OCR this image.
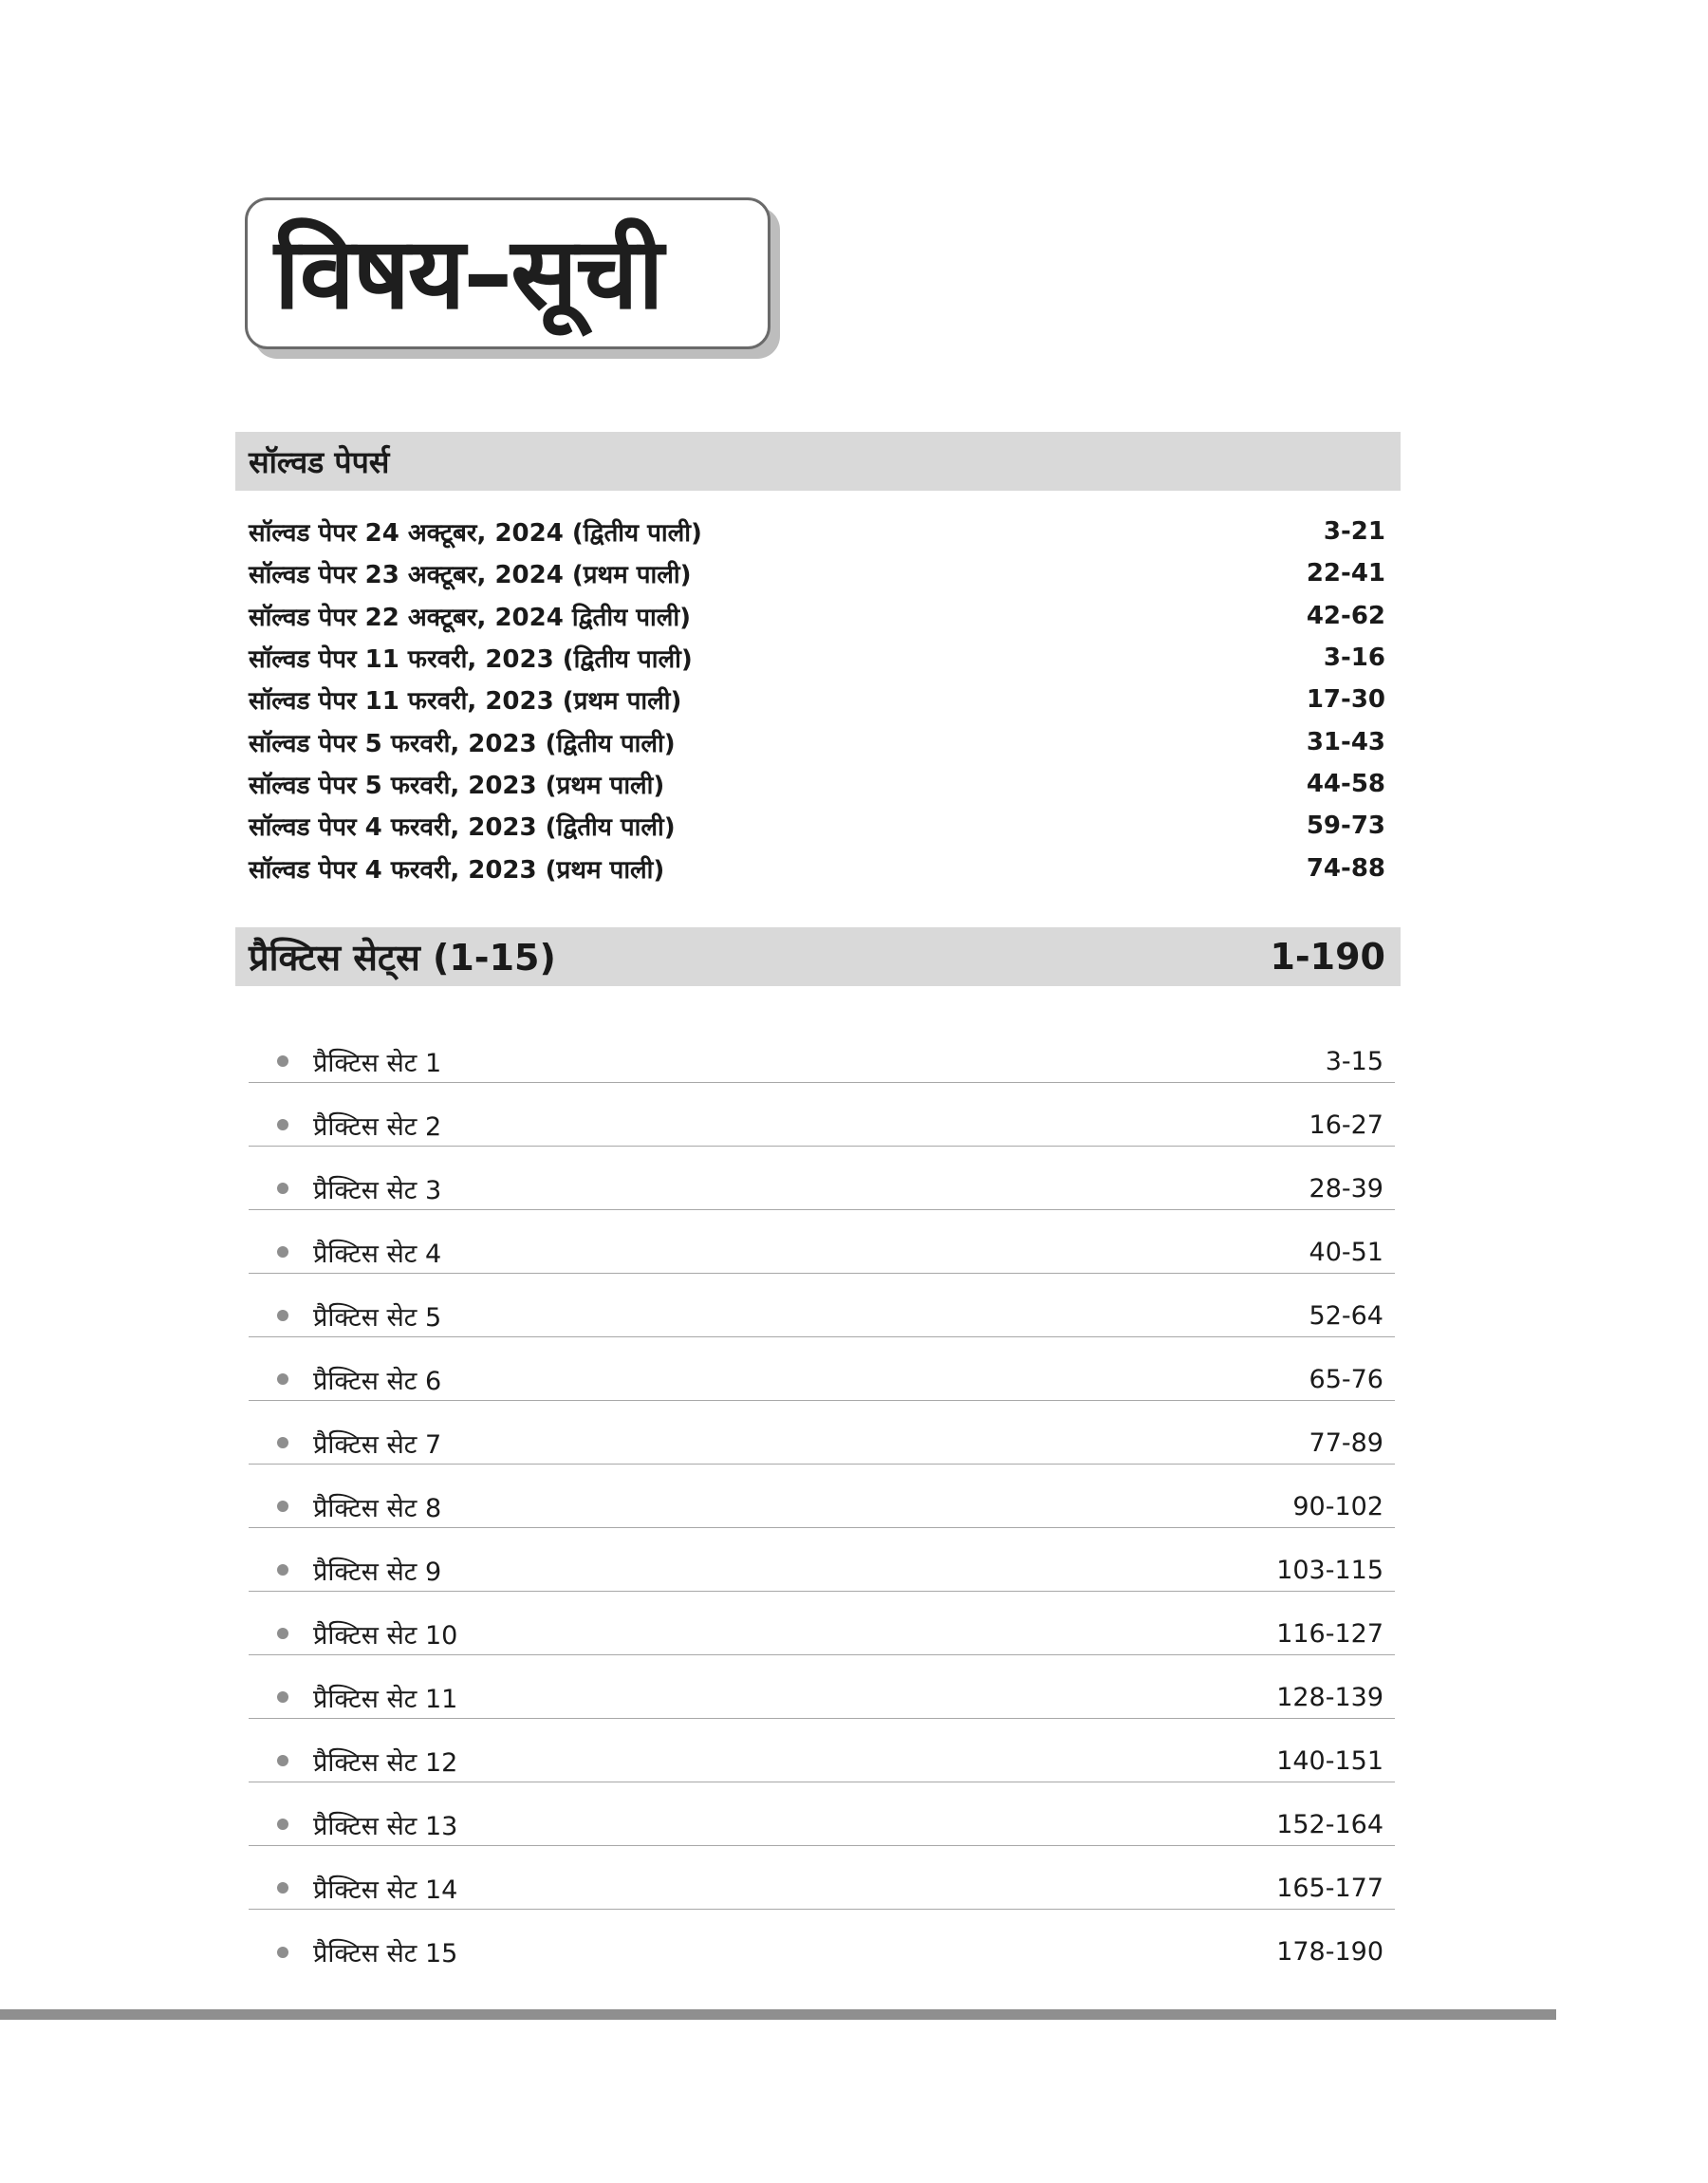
विषय–सूची
सॉल्वड पेपर्स
सॉल्वड पेपर 24 अक्टूबर, 2024 (द्वितीय पाली)	3-21
सॉल्वड पेपर 23 अक्टूबर, 2024 (प्रथम पाली)	22-41
सॉल्वड पेपर 22 अक्टूबर, 2024 द्वितीय पाली)	42-62
सॉल्वड पेपर 11 फरवरी, 2023 (द्वितीय पाली)	3-16
सॉल्वड पेपर 11 फरवरी, 2023 (प्रथम पाली)	17-30
सॉल्वड पेपर 5 फरवरी, 2023 (द्वितीय पाली)	31-43
सॉल्वड पेपर 5 फरवरी, 2023 (प्रथम पाली)	44-58
सॉल्वड पेपर 4 फरवरी, 2023 (द्वितीय पाली)	59-73
सॉल्वड पेपर 4 फरवरी, 2023 (प्रथम पाली)	74-88
प्रैक्टिस सेट्स (1-15)	1-190
प्रैक्टिस सेट 1	3-15
प्रैक्टिस सेट 2	16-27
प्रैक्टिस सेट 3	28-39
प्रैक्टिस सेट 4	40-51
प्रैक्टिस सेट 5	52-64
प्रैक्टिस सेट 6	65-76
प्रैक्टिस सेट 7	77-89
प्रैक्टिस सेट 8	90-102
प्रैक्टिस सेट 9	103-115
प्रैक्टिस सेट 10	116-127
प्रैक्टिस सेट 11	128-139
प्रैक्टिस सेट 12	140-151
प्रैक्टिस सेट 13	152-164
प्रैक्टिस सेट 14	165-177
प्रैक्टिस सेट 15	178-190
